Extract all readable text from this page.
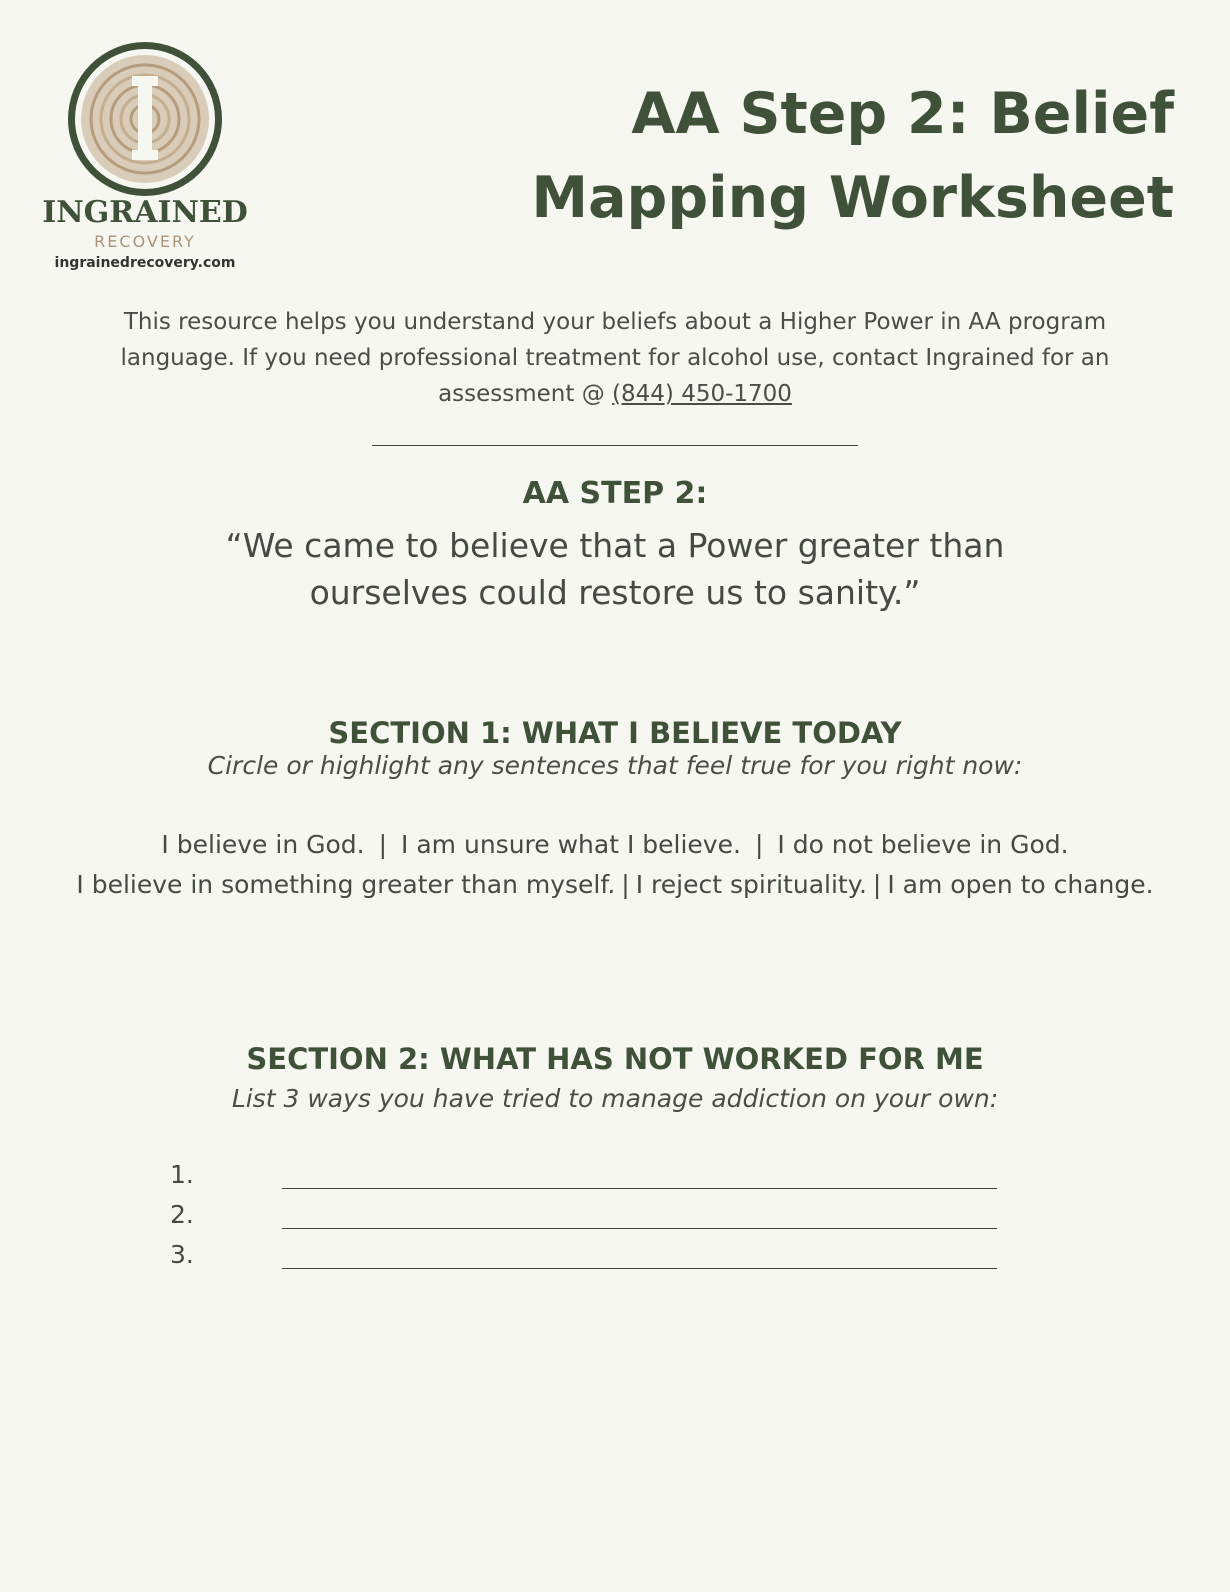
I
INGRAINED
RECOVERY
ingrainedrecovery.com
AA Step 2: Belief Mapping Worksheet

This resource helps you understand your beliefs about a Higher Power in AA program language. If you need professional treatment for alcohol use, contact Ingrained for an assessment @ (844) 450-1700

AA STEP 2:

“We came to believe that a Power greater than ourselves could restore us to sanity.”

SECTION 1: WHAT I BELIEVE TODAY

Circle or highlight any sentences that feel true for you right now:

I believe in God. | I am unsure what I believe. | I do not believe in God.
I believe in something greater than myself. | I reject spirituality. | I am open to change.
SECTION 2: WHAT HAS NOT WORKED FOR ME

List 3 ways you have tried to manage addiction on your own:

1.
2.
3.
